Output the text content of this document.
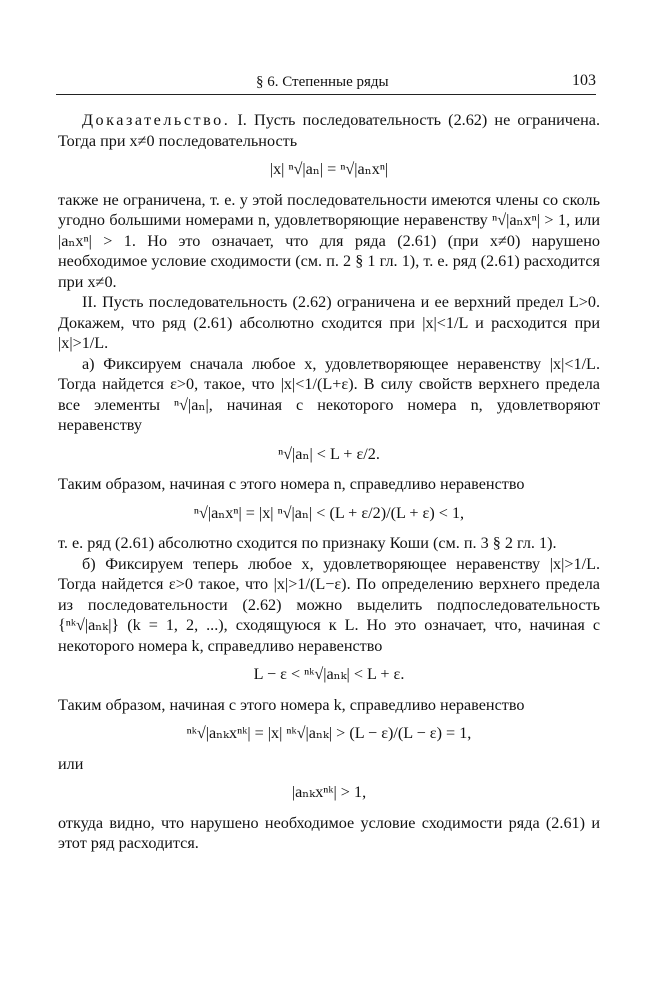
§ 6. Степенные ряды	103

Доказательство. I. Пусть последовательность (2.62) не ограничена. Тогда при x≠0 последовательность

|x| ⁿ√|aₙ| = ⁿ√|aₙxⁿ|

также не ограничена, т. е. у этой последовательности имеются члены со сколь угодно большими номерами n, удовлетворяющие неравенству ⁿ√|aₙxⁿ| > 1, или |aₙxⁿ| > 1. Но это означает, что для ряда (2.61) (при x≠0) нарушено необходимое условие сходимости (см. п. 2 § 1 гл. 1), т. е. ряд (2.61) расходится при x≠0.

II. Пусть последовательность (2.62) ограничена и ее верхний предел L>0. Докажем, что ряд (2.61) абсолютно сходится при |x|<1/L и расходится при |x|>1/L.

а) Фиксируем сначала любое x, удовлетворяющее неравенству |x|<1/L. Тогда найдется ε>0, такое, что |x|<1/(L+ε). В силу свойств верхнего предела все элементы ⁿ√|aₙ|, начиная с некоторого номера n, удовлетворяют неравенству

ⁿ√|aₙ| < L + ε/2.

Таким образом, начиная с этого номера n, справедливо неравенство

ⁿ√|aₙxⁿ| = |x| ⁿ√|aₙ| < (L + ε/2)/(L + ε) < 1,

т. е. ряд (2.61) абсолютно сходится по признаку Коши (см. п. 3 § 2 гл. 1).

б) Фиксируем теперь любое x, удовлетворяющее неравенству |x|>1/L. Тогда найдется ε>0 такое, что |x|>1/(L−ε). По определению верхнего предела из последовательности (2.62) можно выделить подпоследовательность {ⁿᵏ√|aₙₖ|} (k = 1, 2, ...), сходящуюся к L. Но это означает, что, начиная с некоторого номера k, справедливо неравенство

L − ε < ⁿᵏ√|aₙₖ| < L + ε.

Таким образом, начиная с этого номера k, справедливо неравенство

ⁿᵏ√|aₙₖxⁿᵏ| = |x| ⁿᵏ√|aₙₖ| > (L − ε)/(L − ε) = 1,

или

|aₙₖxⁿᵏ| > 1,

откуда видно, что нарушено необходимое условие сходимости ряда (2.61) и этот ряд расходится.
